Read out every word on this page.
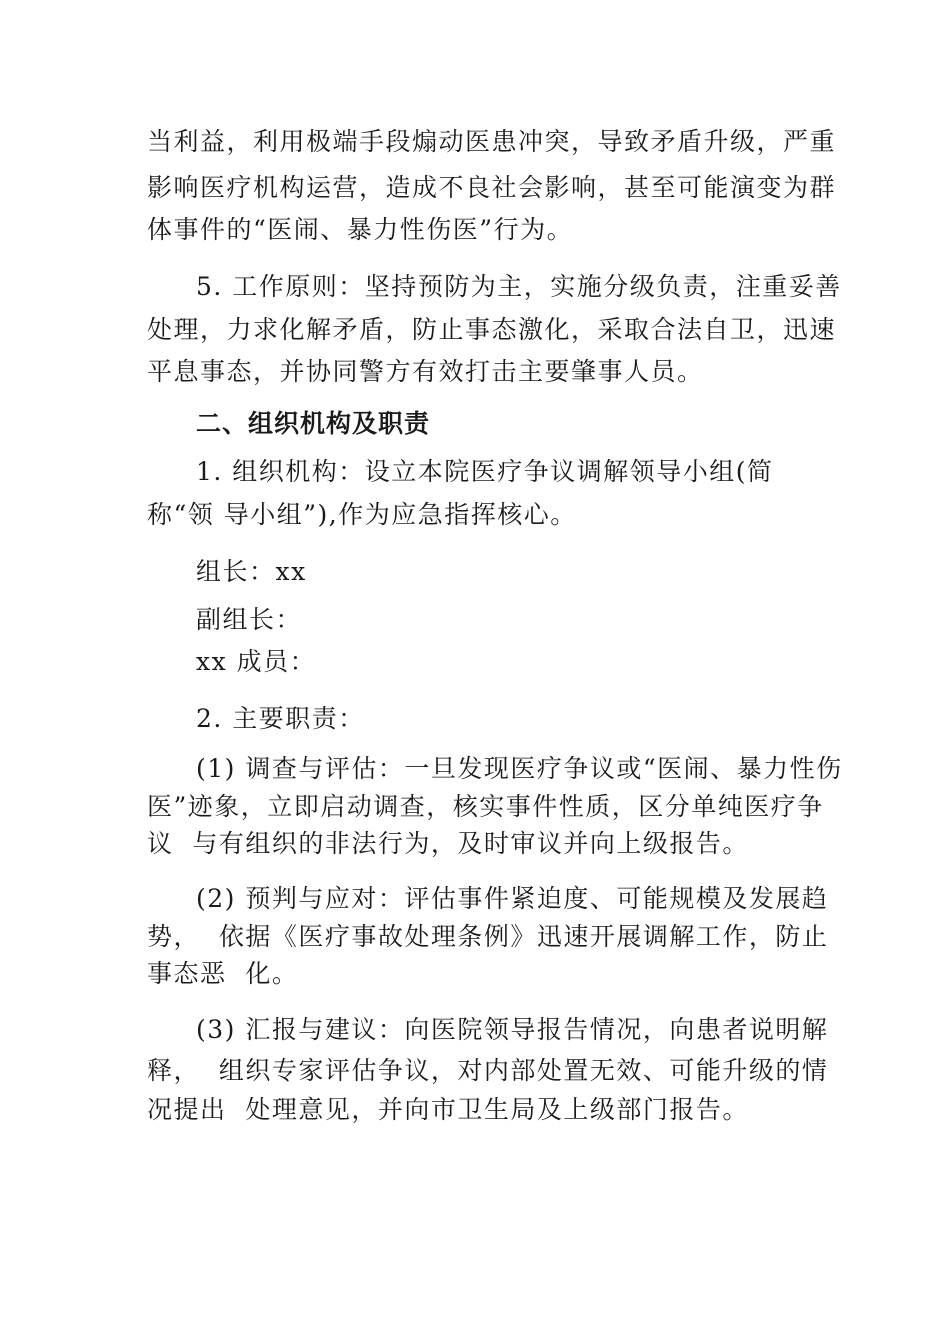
当利益，利用极端手段煽动医患冲突，导致矛盾升级，严重
影响医疗机构运营，造成不良社会影响，甚至可能演变为群
体事件的“医闹、暴力性伤医”行为。
5. 工作原则：坚持预防为主，实施分级负责，注重妥善
处理，力求化解矛盾，防止事态激化，采取合法自卫，迅速
平息事态，并协同警方有效打击主要肇事人员。
二、组织机构及职责
1. 组织机构：设立本院医疗争议调解领导小组(简
称“领 导小组”),作为应急指挥核心。
组长：xx
副组长：
xx 成员：
2. 主要职责：
(1) 调查与评估：一旦发现医疗争议或“医闹、暴力性伤
医”迹象，立即启动调查，核实事件性质，区分单纯医疗争
议  与有组织的非法行为，及时审议并向上级报告。
(2) 预判与应对：评估事件紧迫度、可能规模及发展趋
势，  依据《医疗事故处理条例》迅速开展调解工作，防止
事态恶  化。
(3) 汇报与建议：向医院领导报告情况，向患者说明解
释，  组织专家评估争议，对内部处置无效、可能升级的情
况提出  处理意见，并向市卫生局及上级部门报告。
